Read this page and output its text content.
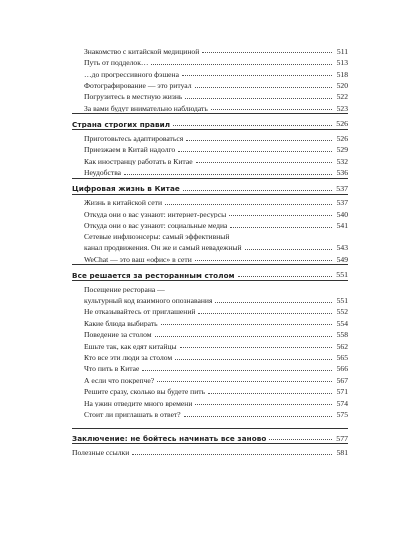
Знакомство с китайской медициной	511
Путь от подделок…	513
…до прогрессивного фэшена	518
Фотографирование — это ритуал	520
Погрузитесь в местную жизнь	522
За вами будут внимательно наблюдать	523
Страна строгих правил	526
Приготовьтесь адаптироваться	526
Приезжаем в Китай надолго	529
Как иностранцу работать в Китае	532
Неудобства	536
Цифровая жизнь в Китае	537
Жизнь в китайской сети	537
Откуда они о вас узнают: интернет-ресурсы	540
Откуда они о вас узнают: социальные медиа	541
Сетевые инфлюэнсеры: самый эффективный
канал продвижения. Он же и самый невадежный	543
WeChat — это ваш «офис» в сети	549
Все решается за ресторанным столом	551
Посещение ресторана —
культурный код взаимного опознавания	551
Не отказывайтесь от приглашений	552
Какие блюда выбирать	554
Поведение за столом	558
Ешьте так, как едят китайцы	562
Кто все эти люди за столом	565
Что пить в Китае	566
А если что покрепче?	567
Решите сразу, сколько вы будете пить	571
На ужин отведите много времени	574
Стоит ли приглашать в ответ?	575
Заключение: не бойтесь начинать все заново	577
Полезные ссылки	581
